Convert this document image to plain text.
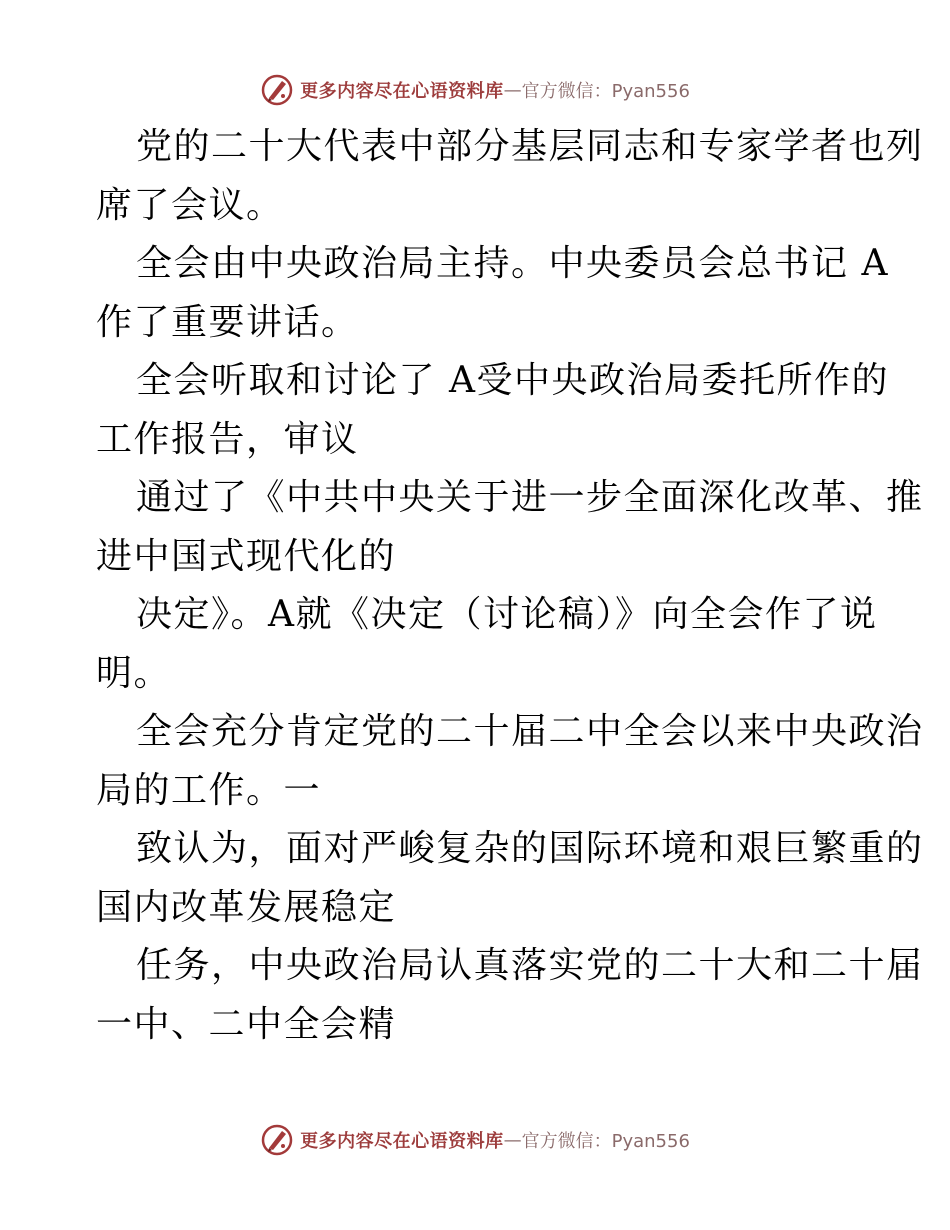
更多内容尽在心语资料库 — 官方微信：Pyan556
党的二十大代表中部分基层同志和专家学者也列
席了会议。
全会由中央政治局主持。中央委员会总书记 A
作了重要讲话。
全会听取和讨论了 A受中央政治局委托所作的
工作报告，审议
通过了《中共中央关于进一步全面深化改革、推
进中国式现代化的
决定》。A就《决定（讨论稿）》向全会作了说
明。
全会充分肯定党的二十届二中全会以来中央政治
局的工作。一
致认为，面对严峻复杂的国际环境和艰巨繁重的
国内改革发展稳定
任务，中央政治局认真落实党的二十大和二十届
一中、二中全会精
更多内容尽在心语资料库 — 官方微信：Pyan556
